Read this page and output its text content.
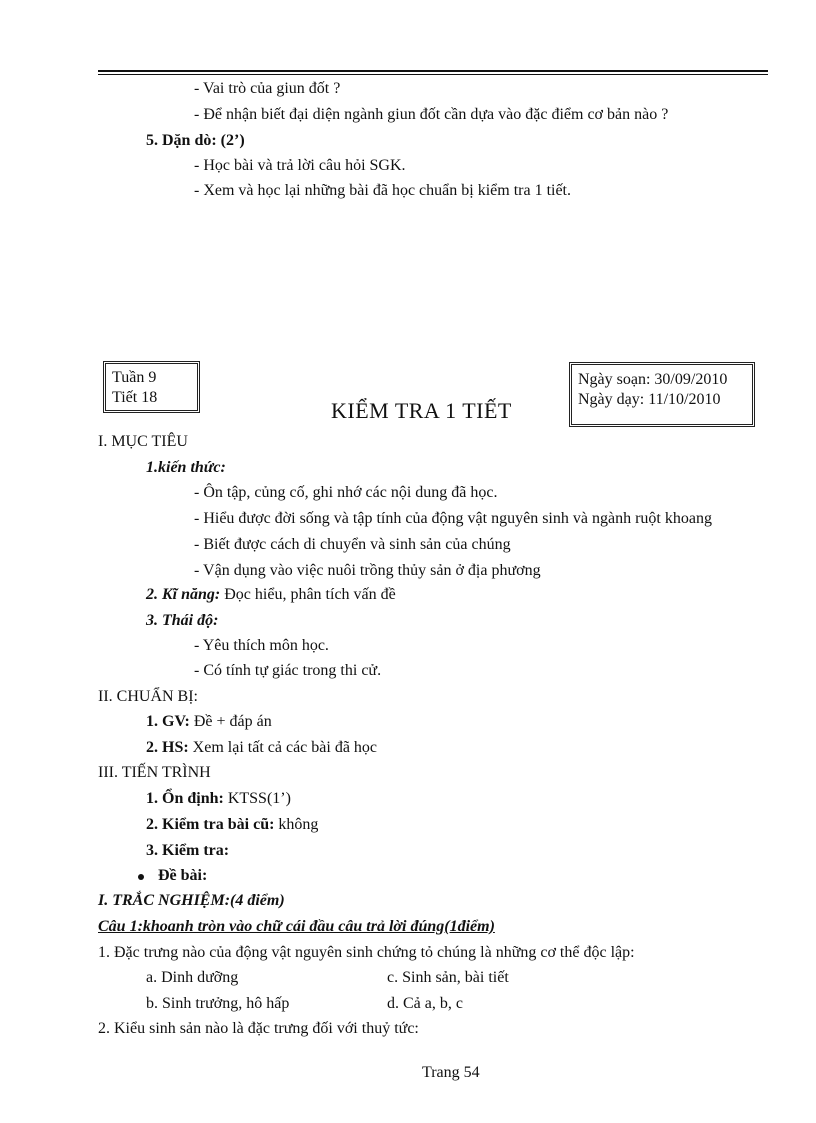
- Vai trò của giun đốt ?
- Để nhận biết đại diện ngành giun đốt cần dựa vào đặc điểm cơ bản nào ?
5. Dặn dò: (2’)
- Học bài và trả lời câu hỏi SGK.
- Xem và học lại những bài đã học chuẩn bị kiểm tra 1 tiết.
Tuần 9
Tiết 18
Ngày soạn: 30/09/2010
Ngày dạy: 11/10/2010
KIỂM TRA 1 TIẾT
I. MỤC TIÊU
1.kiến thức:
- Ôn tập, củng cố, ghi nhớ các nội dung đã học.
- Hiểu được đời sống và tập tính của động vật nguyên sinh và ngành ruột khoang
- Biết được cách di chuyển và sinh sản của chúng
- Vận dụng vào việc nuôi trồng thủy sản ở địa phương
2. Kĩ năng: Đọc hiểu, phân tích vấn đề
3. Thái độ:
- Yêu thích môn học.
- Có tính tự giác trong thi cử.
II. CHUẨN BỊ:
1. GV: Đề + đáp án
2. HS: Xem lại tất cả các bài đã học
III. TIẾN TRÌNH
1. Ổn định: KTSS(1’)
2. Kiểm tra bài cũ: không
3. Kiểm tra:
Đề bài:
I. TRẮC NGHIỆM:(4 điểm)
Câu 1:khoanh tròn vào chữ cái đầu câu trả lời đúng(1điểm)
1. Đặc trưng nào của động vật nguyên sinh chứng tỏ chúng là những cơ thể độc lập:
a. Dinh dưỡng	c. Sinh sản, bài tiết
b. Sinh trưởng, hô hấp	d. Cả a, b, c
2. Kiểu sinh sản nào là đặc trưng đối với thuỷ tức:
Trang 54
